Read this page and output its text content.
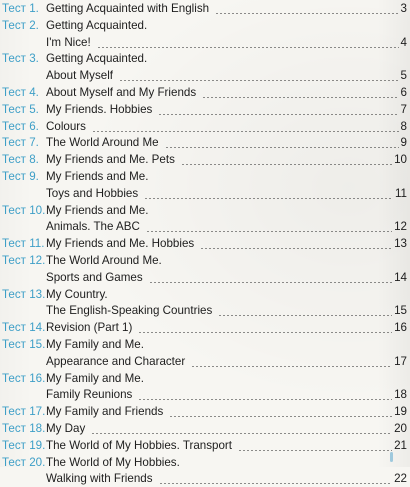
Тест 1. Getting Acquainted with English	3
Тест 2. Getting Acquainted.
I'm Nice!	4
Тест 3. Getting Acquainted.
About Myself	5
Тест 4. About Myself and My Friends	6
Тест 5. My Friends. Hobbies	7
Тест 6. Colours	8
Тест 7. The World Around Me	9
Тест 8. My Friends and Me. Pets	10
Тест 9. My Friends and Me.
Toys and Hobbies	11
Тест 10. My Friends and Me.
Animals. The ABC	12
Тест 11. My Friends and Me. Hobbies	13
Тест 12. The World Around Me.
Sports and Games	14
Тест 13. My Country.
The English-Speaking Countries	15
Тест 14. Revision (Part 1)	16
Тест 15. My Family and Me.
Appearance and Character	17
Тест 16. My Family and Me.
Family Reunions	18
Тест 17. My Family and Friends	19
Тест 18. My Day	20
Тест 19. The World of My Hobbies. Transport	21
Тест 20. The World of My Hobbies.
Walking with Friends	22
